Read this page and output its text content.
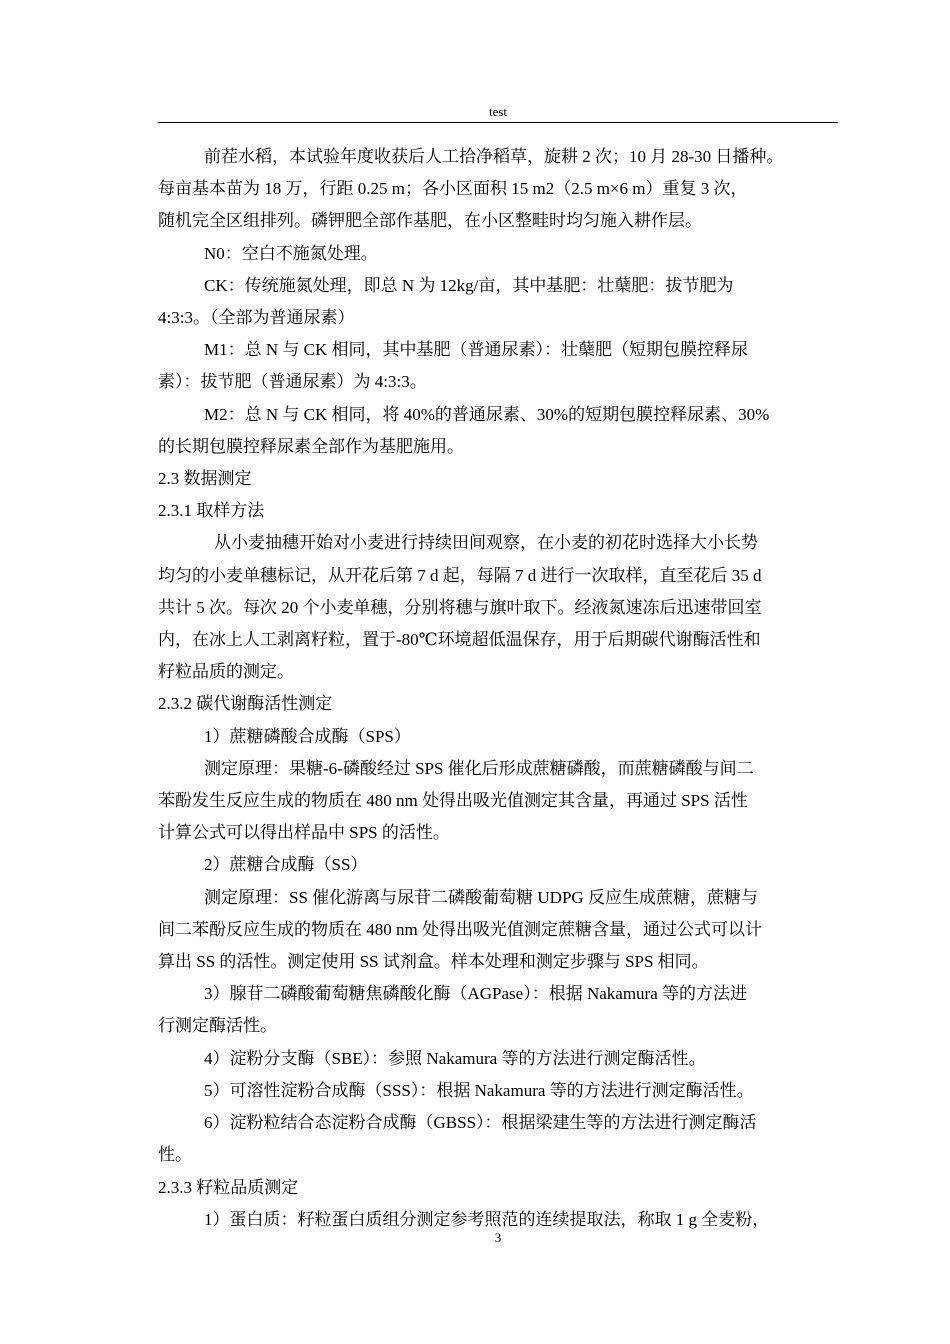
test

前茬水稻，本试验年度收获后人工拾净稻草，旋耕 2 次；10 月 28-30 日播种。

每亩基本苗为 18 万，行距 0.25 m；各小区面积 15 m2（2.5 m×6 m）重复 3 次，

随机完全区组排列。磷钾肥全部作基肥，在小区整畦时均匀施入耕作层。

N0：空白不施氮处理。

CK：传统施氮处理，即总 N 为 12kg/亩，其中基肥：壮蘖肥：拔节肥为

4:3:3。（全部为普通尿素）

M1：总 N 与 CK 相同，其中基肥（普通尿素）：壮蘖肥（短期包膜控释尿

素）：拔节肥（普通尿素）为 4:3:3。

M2：总 N 与 CK 相同，将 40%的普通尿素、30%的短期包膜控释尿素、30%

的长期包膜控释尿素全部作为基肥施用。

2.3 数据测定

2.3.1 取样方法

从小麦抽穗开始对小麦进行持续田间观察，在小麦的初花时选择大小长势

均匀的小麦单穗标记，从开花后第 7 d 起，每隔 7 d 进行一次取样，直至花后 35 d

共计 5 次。每次 20 个小麦单穗，分别将穗与旗叶取下。经液氮速冻后迅速带回室

内，在冰上人工剥离籽粒，置于-80℃环境超低温保存，用于后期碳代谢酶活性和

籽粒品质的测定。

2.3.2 碳代谢酶活性测定

1）蔗糖磷酸合成酶（SPS）

测定原理：果糖-6-磷酸经过 SPS 催化后形成蔗糖磷酸，而蔗糖磷酸与间二

苯酚发生反应生成的物质在 480 nm 处得出吸光值测定其含量，再通过 SPS 活性

计算公式可以得出样品中 SPS 的活性。

2）蔗糖合成酶（SS）

测定原理：SS 催化游离与尿苷二磷酸葡萄糖 UDPG 反应生成蔗糖，蔗糖与

间二苯酚反应生成的物质在 480 nm 处得出吸光值测定蔗糖含量，通过公式可以计

算出 SS 的活性。测定使用 SS 试剂盒。样本处理和测定步骤与 SPS 相同。

3）腺苷二磷酸葡萄糖焦磷酸化酶（AGPase）：根据 Nakamura 等的方法进

行测定酶活性。

4）淀粉分支酶（SBE）：参照 Nakamura 等的方法进行测定酶活性。

5）可溶性淀粉合成酶（SSS）：根据 Nakamura 等的方法进行测定酶活性。

6）淀粉粒结合态淀粉合成酶（GBSS）：根据梁建生等的方法进行测定酶活

性。

2.3.3 籽粒品质测定

1）蛋白质：籽粒蛋白质组分测定参考照范的连续提取法，称取 1 g 全麦粉，

3
